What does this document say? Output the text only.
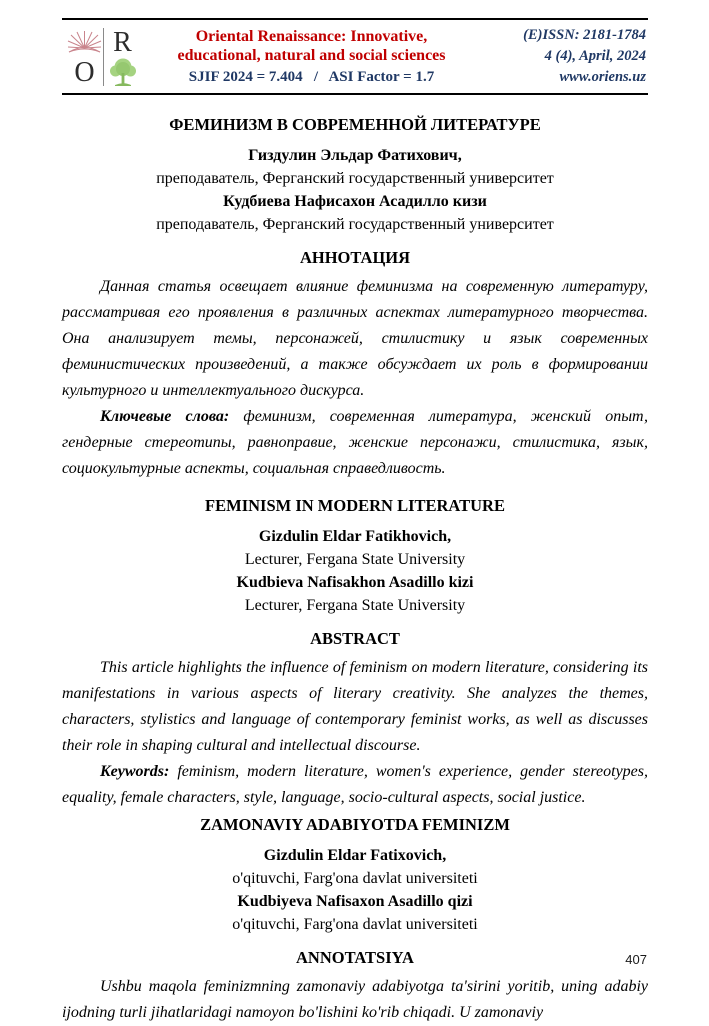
O
R	Oriental Renaissance: Innovative,
educational, natural and social sciences
SJIF 2024 = 7.404   /   ASI Factor = 1.7
(E)ISSN: 2181-1784
4 (4), April, 2024
www.oriens.uz
ФЕМИНИЗМ В СОВРЕМЕННОЙ ЛИТЕРАТУРЕ
Гиздулин Эльдар Фатихович,
преподаватель, Ферганский государственный университет
Кудбиева Нафисахон Асадилло кизи
преподаватель, Ферганский государственный университет
АННОТАЦИЯ

Данная статья освещает влияние феминизма на современную литературу, рассматривая его проявления в различных аспектах литературного творчества. Она анализирует темы, персонажей, стилистику и язык современных феминистических произведений, а также обсуждает их роль в формировании культурного и интеллектуального дискурса.

Ключевые слова: феминизм, современная литература, женский опыт, гендерные стереотипы, равноправие, женские персонажи, стилистика, язык, социокультурные аспекты, социальная справедливость.

FEMINISM IN MODERN LITERATURE
Gizdulin Eldar Fatikhovich,
Lecturer, Fergana State University
Kudbieva Nafisakhon Asadillo kizi
Lecturer, Fergana State University
ABSTRACT

This article highlights the influence of feminism on modern literature, considering its manifestations in various aspects of literary creativity. She analyzes the themes, characters, stylistics and language of contemporary feminist works, as well as discusses their role in shaping cultural and intellectual discourse.

Keywords: feminism, modern literature, women's experience, gender stereotypes, equality, female characters, style, language, socio-cultural aspects, social justice.

ZAMONAVIY ADABIYOTDA FEMINIZM
Gizdulin Eldar Fatixovich,
o'qituvchi, Farg'ona davlat universiteti
Kudbiyeva Nafisaxon Asadillo qizi
o'qituvchi, Farg'ona davlat universiteti
ANNOTATSIYA

Ushbu maqola feminizmning zamonaviy adabiyotga ta'sirini yoritib, uning adabiy ijodning turli jihatlaridagi namoyon bo'lishini ko'rib chiqadi. U zamonaviy

407
